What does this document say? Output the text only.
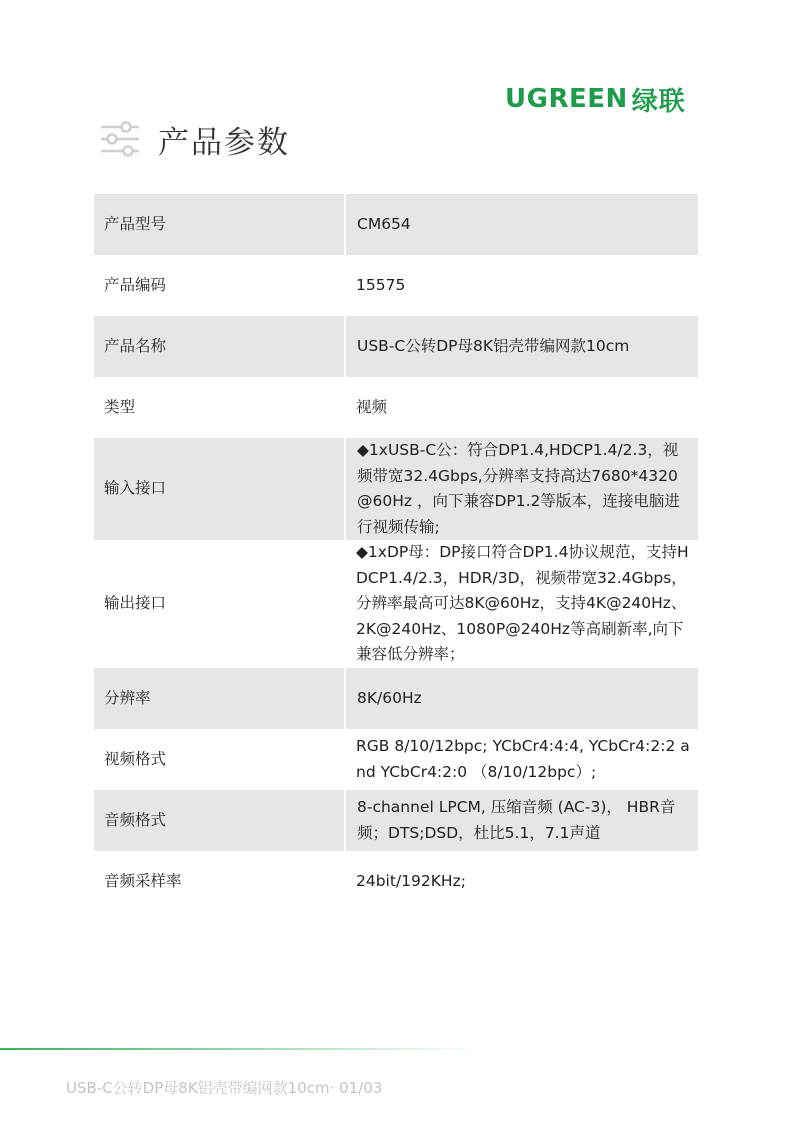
UGREEN 绿联
产品参数
产品型号	CM654
产品编码	15575
产品名称	USB-C公转DP母8K铝壳带编网款10cm
类型	视频
输入接口	◆1xUSB-C公：符合DP1.4,HDCP1.4/2.3，视频带宽32.4Gbps,分辨率支持高达7680*4320@60Hz ，向下兼容DP1.2等版本，连接电脑进行视频传输;
输出接口	◆1xDP母：DP接口符合DP1.4协议规范，支持HDCP1.4/2.3，HDR/3D，视频带宽32.4Gbps，分辨率最高可达8K@60Hz，支持4K@240Hz、2K@240Hz、1080P@240Hz等高刷新率,向下兼容低分辨率；
分辨率	8K/60Hz
视频格式	RGB 8/10/12bpc; YCbCr4:4:4, YCbCr4:2:2 and YCbCr4:2:0 （8/10/12bpc）;
音频格式	8-channel LPCM, 压缩音频 (AC-3)， HBR音频；DTS;DSD，杜比5.1，7.1声道
音频采样率	24bit/192KHz;
USB-C公转DP母8K铝壳带编网款10cm· 01/03
